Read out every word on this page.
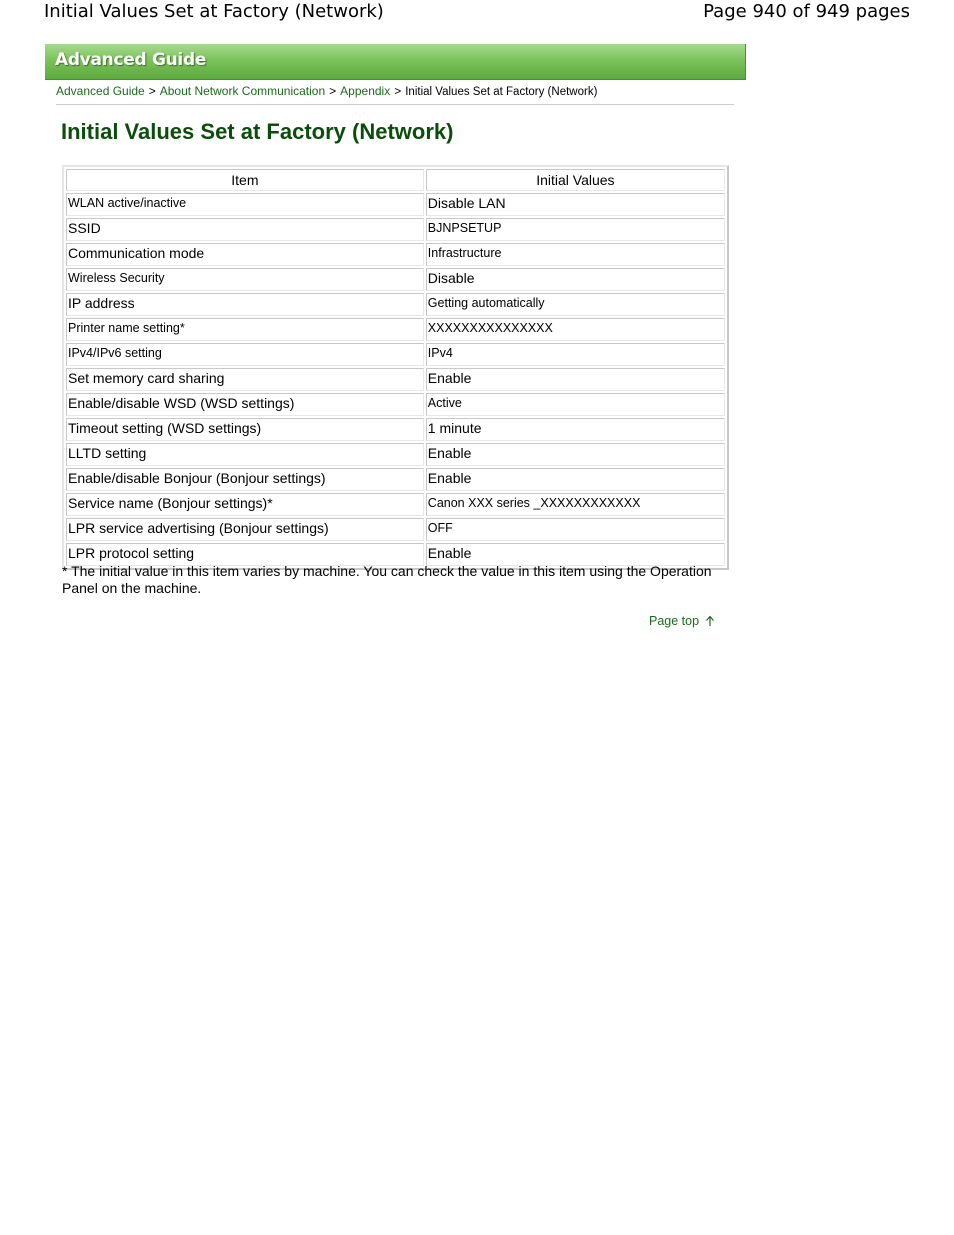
Initial Values Set at Factory (Network)	Page 940 of 949 pages
Advanced Guide
Advanced Guide > About Network Communication > Appendix > Initial Values Set at Factory (Network)
Initial Values Set at Factory (Network)
Item	Initial Values
WLAN active/inactive	Disable LAN
SSID	BJNPSETUP
Communication mode	Infrastructure
Wireless Security	Disable
IP address	Getting automatically
Printer name setting*	XXXXXXXXXXXXXXX
IPv4/IPv6 setting	IPv4
Set memory card sharing	Enable
Enable/disable WSD (WSD settings)	Active
Timeout setting (WSD settings)	1 minute
LLTD setting	Enable
Enable/disable Bonjour (Bonjour settings)	Enable
Service name (Bonjour settings)*	Canon XXX series _XXXXXXXXXXXX
LPR service advertising (Bonjour settings)	OFF
LPR protocol setting	Enable
* The initial value in this item varies by machine. You can check the value in this item using the Operation Panel on the machine.
Page top
